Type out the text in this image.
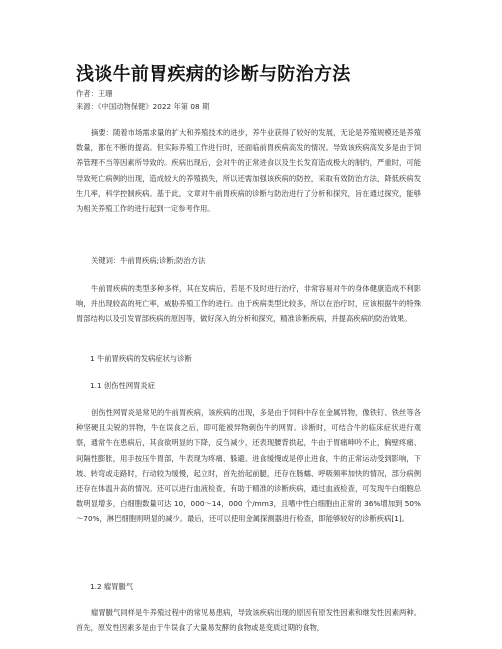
浅谈牛前胃疾病的诊断与防治方法

作者：王珊

来源：《中国动物保健》2022 年第 08 期

摘要：随着市场需求量的扩大和养殖技术的进步，养牛业获得了较好的发展，无论是养殖规模还是养殖数量，都在不断的提高。但实际养殖工作进行时，还面临前胃疾病高发的情况。导致该疾病高发多是由于饲养管理不当等因素所导致的。疾病出现后，会对牛的正常进食以及生长发育造成极大的制约，严重时，可能导致死亡病例的出现，造成较大的养殖损失，所以还需加强该疾病的防控，采取有效防治方法，降低疾病发生几率，科学控制疾病。基于此，文章对牛前胃疾病的诊断与防治进行了分析和探究，旨在通过探究，能够为相关养殖工作的进行起到一定参考作用。

关键词：牛前胃疾病;诊断;防治方法

牛前胃疾病的类型多种多样，其在发病后，若是不及时进行治疗，非常容易对牛的身体健康造成不利影响，并出现较高的死亡率，威胁养殖工作的进行。由于疾病类型比较多，所以在治疗时，应该根据牛的特殊胃部结构以及引发胃部疾病的原因等，做好深入的分析和探究，精准诊断疾病，并提高疾病的防治效果。

1 牛前胃疾病的发病症状与诊断

1.1 创伤性网胃炎症

创伤性网胃炎是常见的牛前胃疾病，该疾病的出现，多是由于饲料中存在金属异物，像铁钉、铁丝等各种坚硬且尖锐的异物，牛在误食之后，即可能被异物刺伤牛的网胃。诊断时，可结合牛的临床症状进行观察，通常牛在患病后，其食欲明显的下降，反刍减少，还表现腰背拱起，牛由于胃痛呻吟不止，胸壁疼痛、间隔性膨胀，用手按压牛胃部，牛表现为疼痛、躲避。进食缓慢或是停止进食，牛的正常运动受到影响，下坡、转弯或走路时，行动较为缓慢，起立时，首先抬起前腿，还存在肠蠕、呼吸频率加快的情况，部分病例还存在体温升高的情况。还可以进行血液检查，有助于精准的诊断疾病，通过血液检查，可发现牛白细胞总数明显增多，白细胞数量可达 10，000～14，000 个/mm3，且嗜中性白细胞由正常的 36%增加到 50%～70%，淋巴细胞则明显的减少。最后，还可以使用金属探测器进行检查，即能够较好的诊断疾病[1]。

1.2 瘤胃臌气

瘤胃臌气同样是牛养殖过程中的常见易患病，导致该疾病出现的原因有原发性因素和继发性因素两种。首先，原发性因素多是由于牛误食了大量易发酵的食物或是变质过期的食物，
